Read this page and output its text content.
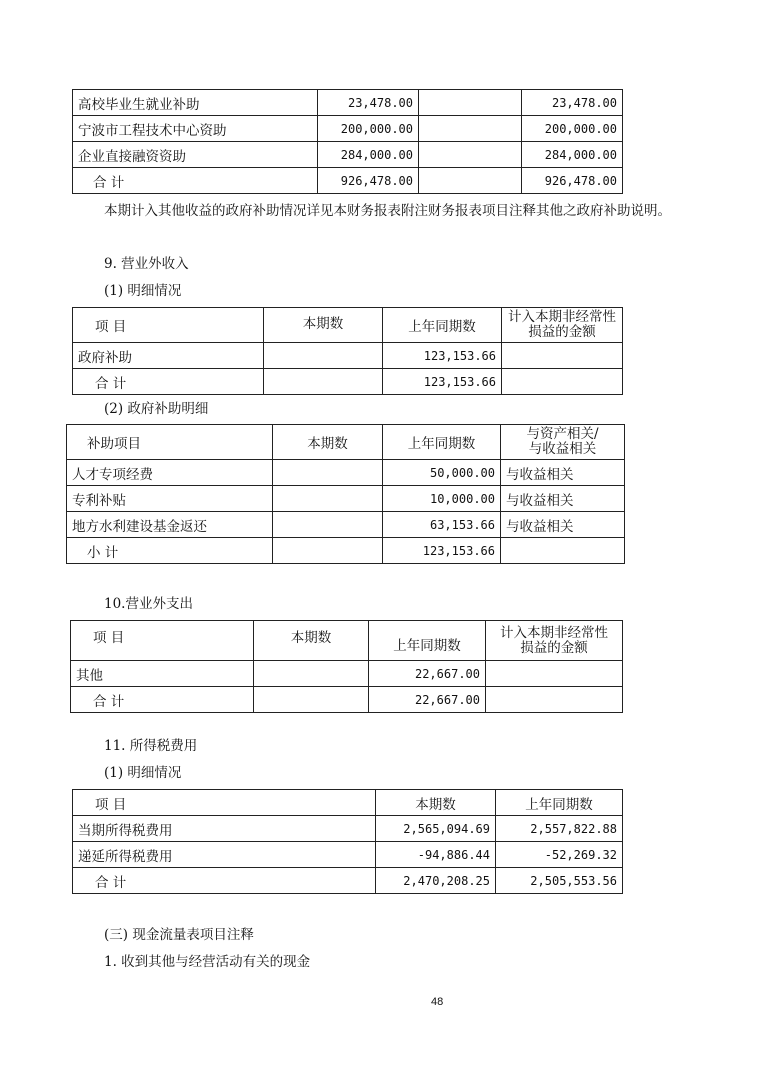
高校毕业生就业补助	23,478.00		23,478.00
宁波市工程技术中心资助	200,000.00		200,000.00
企业直接融资资助	284,000.00		284,000.00
合 计	926,478.00		926,478.00
本期计入其他收益的政府补助情况详见本财务报表附注财务报表项目注释其他之政府补助说明。
9. 营业外收入
(1) 明细情况
项 目	本期数	上年同期数	计入本期非经常性
损益的金额

政府补助		123,153.66	
合 计		123,153.66	
(2) 政府补助明细
补助项目	本期数	上年同期数	与资产相关/
与收益相关

人才专项经费		50,000.00	与收益相关
专利补贴		10,000.00	与收益相关
地方水利建设基金返还		63,153.66	与收益相关
小 计		123,153.66	
10.营业外支出
项 目	本期数	上年同期数	计入本期非经常性
损益的金额

其他		22,667.00	
合 计		22,667.00	
11. 所得税费用
(1) 明细情况
项 目	本期数	上年同期数
当期所得税费用	2,565,094.69	2,557,822.88
递延所得税费用	-94,886.44	-52,269.32
合 计	2,470,208.25	2,505,553.56
(三) 现金流量表项目注释
1. 收到其他与经营活动有关的现金
48
